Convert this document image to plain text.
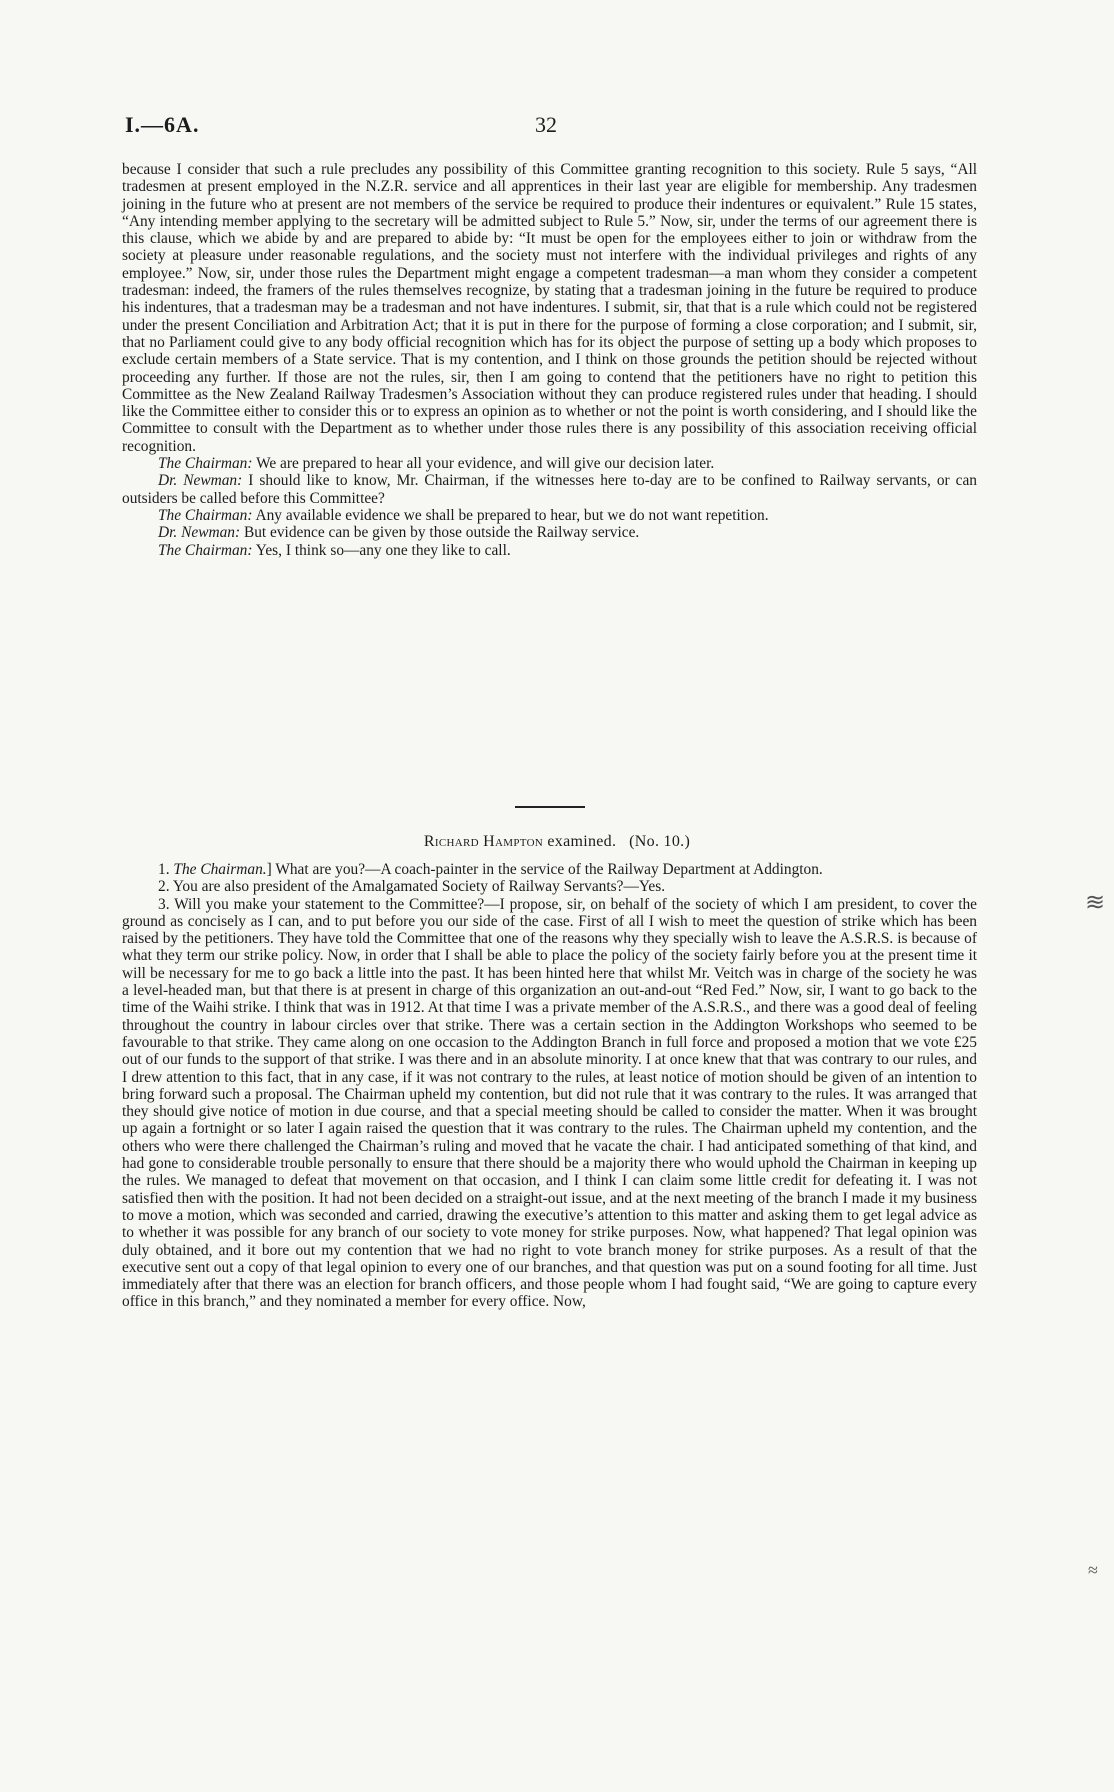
I.—6A.	32

because I consider that such a rule precludes any possibility of this Committee granting recognition to this society. Rule 5 says, “All tradesmen at present employed in the N.Z.R. service and all apprentices in their last year are eligible for membership. Any tradesmen joining in the future who at present are not members of the service be required to produce their indentures or equivalent.” Rule 15 states, “Any intending member applying to the secretary will be admitted subject to Rule 5.” Now, sir, under the terms of our agreement there is this clause, which we abide by and are prepared to abide by: “It must be open for the employees either to join or withdraw from the society at pleasure under reasonable regulations, and the society must not interfere with the individual privileges and rights of any employee.” Now, sir, under those rules the Department might engage a competent tradesman—a man whom they consider a competent tradesman: indeed, the framers of the rules themselves recognize, by stating that a tradesman joining in the future be required to produce his indentures, that a tradesman may be a tradesman and not have indentures. I submit, sir, that that is a rule which could not be registered under the present Conciliation and Arbitration Act; that it is put in there for the purpose of forming a close corporation; and I submit, sir, that no Parliament could give to any body official recognition which has for its object the purpose of setting up a body which proposes to exclude certain members of a State service. That is my contention, and I think on those grounds the petition should be rejected without proceeding any further. If those are not the rules, sir, then I am going to contend that the petitioners have no right to petition this Committee as the New Zealand Railway Tradesmen’s Association without they can produce registered rules under that heading. I should like the Committee either to consider this or to express an opinion as to whether or not the point is worth considering, and I should like the Committee to consult with the Department as to whether under those rules there is any possibility of this association receiving official recognition.

The Chairman: We are prepared to hear all your evidence, and will give our decision later.

Dr. Newman: I should like to know, Mr. Chairman, if the witnesses here to-day are to be confined to Railway servants, or can outsiders be called before this Committee?

The Chairman: Any available evidence we shall be prepared to hear, but we do not want repetition.

Dr. Newman: But evidence can be given by those outside the Railway service.

The Chairman: Yes, I think so—any one they like to call.

Richard Hampton examined. (No. 10.)

1. The Chairman.] What are you?—A coach-painter in the service of the Railway Department at Addington.

2. You are also president of the Amalgamated Society of Railway Servants?—Yes.

3. Will you make your statement to the Committee?—I propose, sir, on behalf of the society of which I am president, to cover the ground as concisely as I can, and to put before you our side of the case. First of all I wish to meet the question of strike which has been raised by the petitioners. They have told the Committee that one of the reasons why they specially wish to leave the A.S.R.S. is because of what they term our strike policy. Now, in order that I shall be able to place the policy of the society fairly before you at the present time it will be necessary for me to go back a little into the past. It has been hinted here that whilst Mr. Veitch was in charge of the society he was a level-headed man, but that there is at present in charge of this organization an out-and-out “Red Fed.” Now, sir, I want to go back to the time of the Waihi strike. I think that was in 1912. At that time I was a private member of the A.S.R.S., and there was a good deal of feeling throughout the country in labour circles over that strike. There was a certain section in the Addington Workshops who seemed to be favourable to that strike. They came along on one occasion to the Addington Branch in full force and proposed a motion that we vote £25 out of our funds to the support of that strike. I was there and in an absolute minority. I at once knew that that was contrary to our rules, and I drew attention to this fact, that in any case, if it was not contrary to the rules, at least notice of motion should be given of an intention to bring forward such a proposal. The Chairman upheld my contention, but did not rule that it was contrary to the rules. It was arranged that they should give notice of motion in due course, and that a special meeting should be called to consider the matter. When it was brought up again a fortnight or so later I again raised the question that it was contrary to the rules. The Chairman upheld my contention, and the others who were there challenged the Chairman’s ruling and moved that he vacate the chair. I had anticipated something of that kind, and had gone to considerable trouble personally to ensure that there should be a majority there who would uphold the Chairman in keeping up the rules. We managed to defeat that movement on that occasion, and I think I can claim some little credit for defeating it. I was not satisfied then with the position. It had not been decided on a straight-out issue, and at the next meeting of the branch I made it my business to move a motion, which was seconded and carried, drawing the executive’s attention to this matter and asking them to get legal advice as to whether it was possible for any branch of our society to vote money for strike purposes. Now, what happened? That legal opinion was duly obtained, and it bore out my contention that we had no right to vote branch money for strike purposes. As a result of that the executive sent out a copy of that legal opinion to every one of our branches, and that question was put on a sound footing for all time. Just immediately after that there was an election for branch officers, and those people whom I had fought said, “We are going to capture every office in this branch,” and they nominated a member for every office. Now,

≋
≈
